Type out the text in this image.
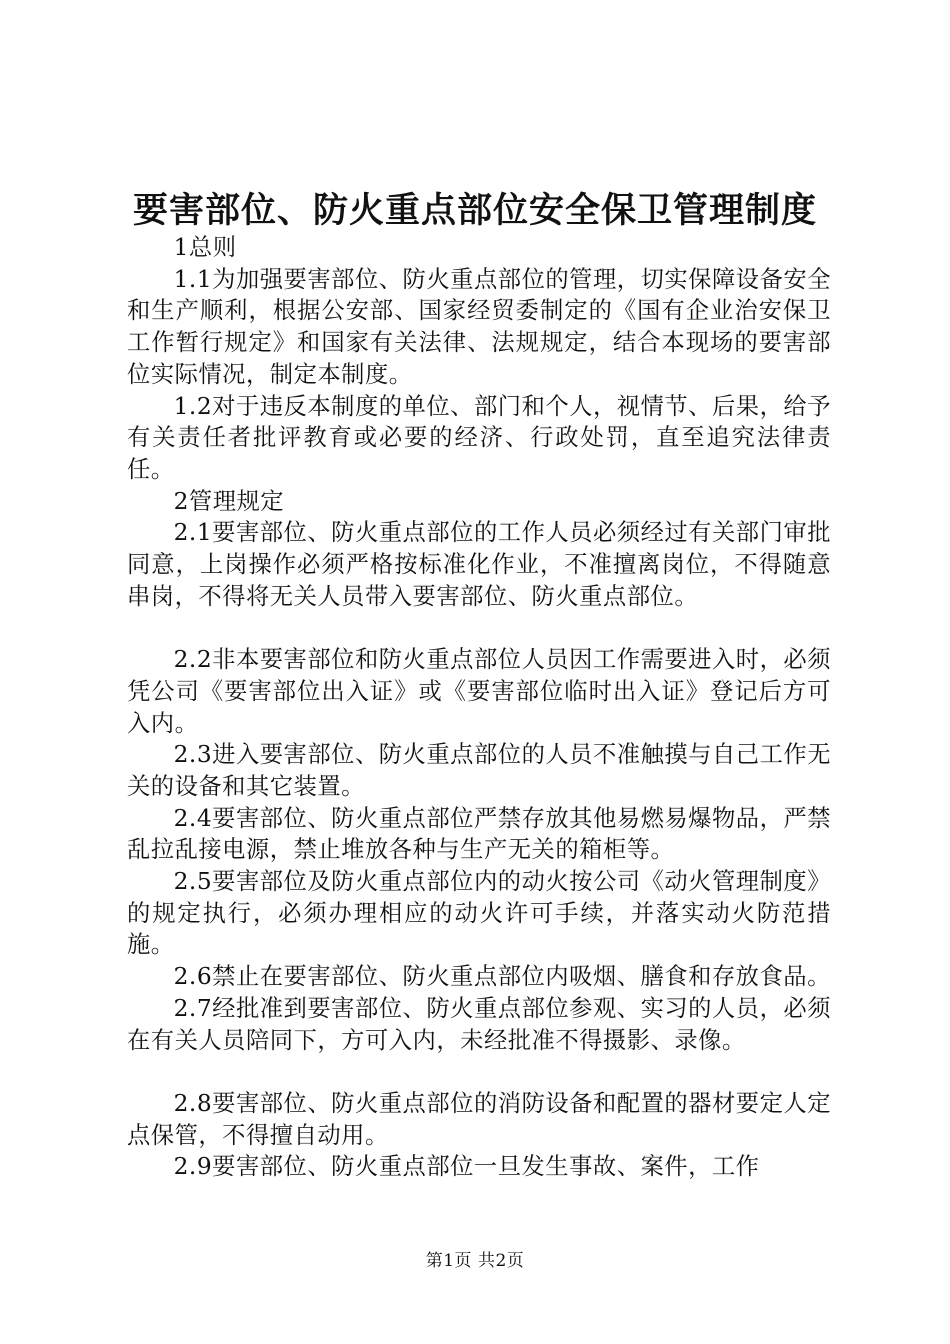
要害部位、防火重点部位安全保卫管理制度

1总则

1.1为加强要害部位、防火重点部位的管理，切实保障设备安全和生产顺利，根据公安部、国家经贸委制定的《国有企业治安保卫工作暂行规定》和国家有关法律、法规规定，结合本现场的要害部位实际情况，制定本制度。

1.2对于违反本制度的单位、部门和个人，视情节、后果，给予有关责任者批评教育或必要的经济、行政处罚，直至追究法律责任。

2管理规定

2.1要害部位、防火重点部位的工作人员必须经过有关部门审批同意，上岗操作必须严格按标准化作业，不准擅离岗位，不得随意串岗，不得将无关人员带入要害部位、防火重点部位。

2.2非本要害部位和防火重点部位人员因工作需要进入时，必须凭公司《要害部位出入证》或《要害部位临时出入证》登记后方可入内。

2.3进入要害部位、防火重点部位的人员不准触摸与自己工作无关的设备和其它装置。

2.4要害部位、防火重点部位严禁存放其他易燃易爆物品，严禁乱拉乱接电源，禁止堆放各种与生产无关的箱柜等。

2.5要害部位及防火重点部位内的动火按公司《动火管理制度》的规定执行，必须办理相应的动火许可手续，并落实动火防范措施。

2.6禁止在要害部位、防火重点部位内吸烟、膳食和存放食品。

2.7经批准到要害部位、防火重点部位参观、实习的人员，必须在有关人员陪同下，方可入内，未经批准不得摄影、录像。

2.8要害部位、防火重点部位的消防设备和配置的器材要定人定点保管，不得擅自动用。

2.9要害部位、防火重点部位一旦发生事故、案件，工作

第1页 共2页
